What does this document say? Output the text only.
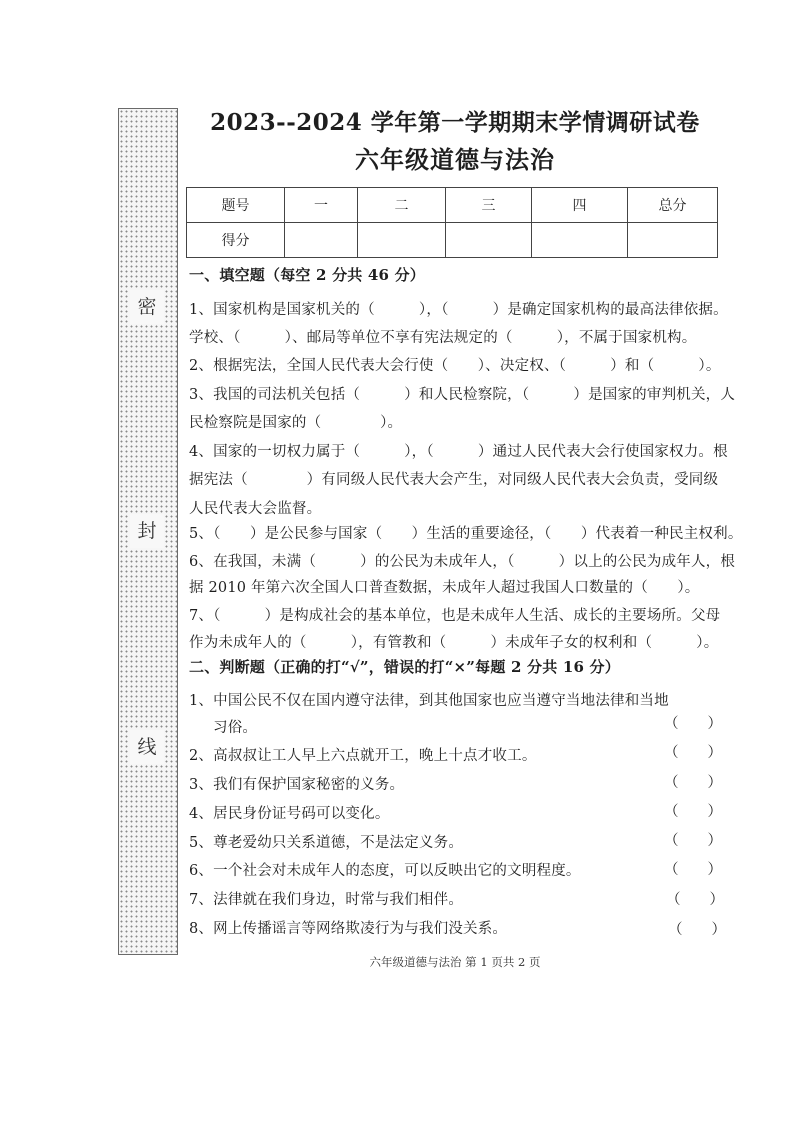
密
封
线
2023--2024 学年第一学期期末学情调研试卷
六年级道德与法治
题号	一	二	三	四	总分
得分					
一、填空题（每空 2 分共 46 分）
1、国家机构是国家机关的（　　　），（　　　）是确定国家机构的最高法律依据。
学校、（　　　）、邮局等单位不享有宪法规定的（　　　），不属于国家机构。
2、根据宪法，全国人民代表大会行使（　　）、决定权、（　　　）和（　　　）。
3、我国的司法机关包括（　　　）和人民检察院，（　　　）是国家的审判机关，人
民检察院是国家的（　　　　）。
4、国家的一切权力属于（　　　），（　　　）通过人民代表大会行使国家权力。根
据宪法（　　　　）有同级人民代表大会产生，对同级人民代表大会负责，受同级
人民代表大会监督。
5、（　　）是公民参与国家（　　）生活的重要途径，（　　）代表着一种民主权利。
6、在我国，未满（　　　）的公民为未成年人，（　　　）以上的公民为成年人，根
据 2010 年第六次全国人口普查数据，未成年人超过我国人口数量的（　　）。
7、（　　　）是构成社会的基本单位，也是未成年人生活、成长的主要场所。父母
作为未成年人的（　　　），有管教和（　　　）未成年子女的权利和（　　　）。
二、判断题（正确的打“√”，错误的打“×”每题 2 分共 16 分）
1、中国公民不仅在国内遵守法律，到其他国家也应当遵守当地法律和当地
习俗。	（　　）
2、高叔叔让工人早上六点就开工，晚上十点才收工。	（　　）
3、我们有保护国家秘密的义务。	（　　）
4、居民身份证号码可以变化。	（　　）
5、尊老爱幼只关系道德，不是法定义务。	（　　）
6、一个社会对未成年人的态度，可以反映出它的文明程度。	（　　）
7、法律就在我们身边，时常与我们相伴。	（　　）
8、网上传播谣言等网络欺凌行为与我们没关系。	（　　）
六年级道德与法治 第 1 页共 2 页
